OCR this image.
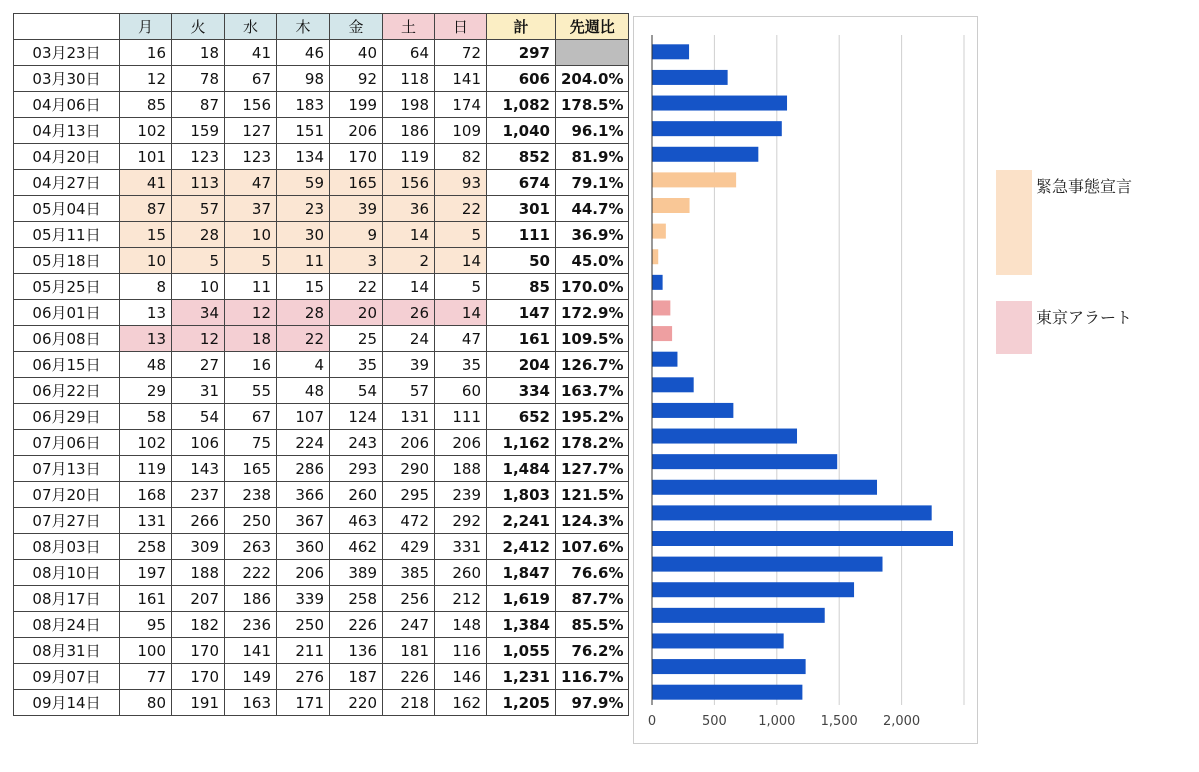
	月	火	水	木	金	土	日	計	先週比
03月23日	16	18	41	46	40	64	72	297	
03月30日	12	78	67	98	92	118	141	606	204.0%
04月06日	85	87	156	183	199	198	174	1,082	178.5%
04月13日	102	159	127	151	206	186	109	1,040	96.1%
04月20日	101	123	123	134	170	119	82	852	81.9%
04月27日	41	113	47	59	165	156	93	674	79.1%
05月04日	87	57	37	23	39	36	22	301	44.7%
05月11日	15	28	10	30	9	14	5	111	36.9%
05月18日	10	5	5	11	3	2	14	50	45.0%
05月25日	8	10	11	15	22	14	5	85	170.0%
06月01日	13	34	12	28	20	26	14	147	172.9%
06月08日	13	12	18	22	25	24	47	161	109.5%
06月15日	48	27	16	4	35	39	35	204	126.7%
06月22日	29	31	55	48	54	57	60	334	163.7%
06月29日	58	54	67	107	124	131	111	652	195.2%
07月06日	102	106	75	224	243	206	206	1,162	178.2%
07月13日	119	143	165	286	293	290	188	1,484	127.7%
07月20日	168	237	238	366	260	295	239	1,803	121.5%
07月27日	131	266	250	367	463	472	292	2,241	124.3%
08月03日	258	309	263	360	462	429	331	2,412	107.6%
08月10日	197	188	222	206	389	385	260	1,847	76.6%
08月17日	161	207	186	339	258	256	212	1,619	87.7%
08月24日	95	182	236	250	226	247	148	1,384	85.5%
08月31日	100	170	141	211	136	181	116	1,055	76.2%
09月07日	77	170	149	276	187	226	146	1,231	116.7%
09月14日	80	191	163	171	220	218	162	1,205	97.9%
0	500 1,000 1,500 2,000
緊急事態宣言
東京アラート
